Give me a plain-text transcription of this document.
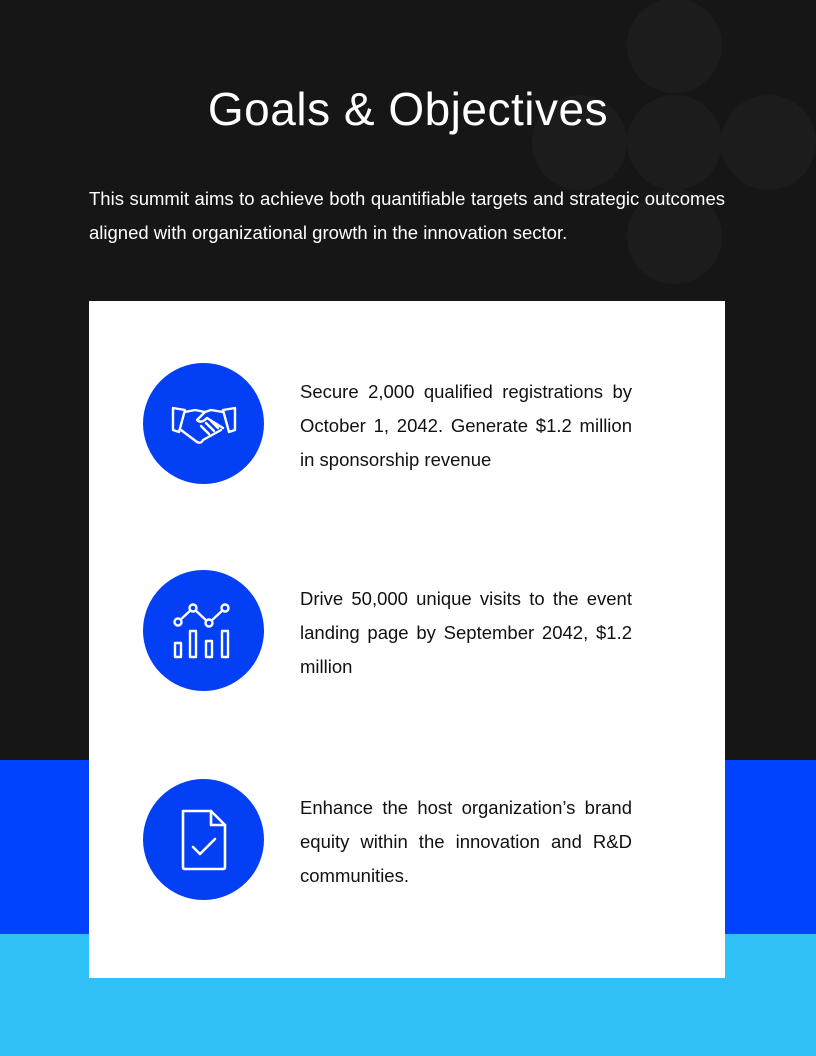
Goals & Objectives

This summit aims to achieve both quantifiable targets and strategic outcomes aligned with organizational growth in the innovation sector.

Secure 2,000 qualified registrations by October 1, 2042. Generate $1.2 million in sponsorship revenue

Drive 50,000 unique visits to the event landing page by September 2042, $1.2 million

Enhance the host organization’s brand equity within the innovation and R&D communities.
